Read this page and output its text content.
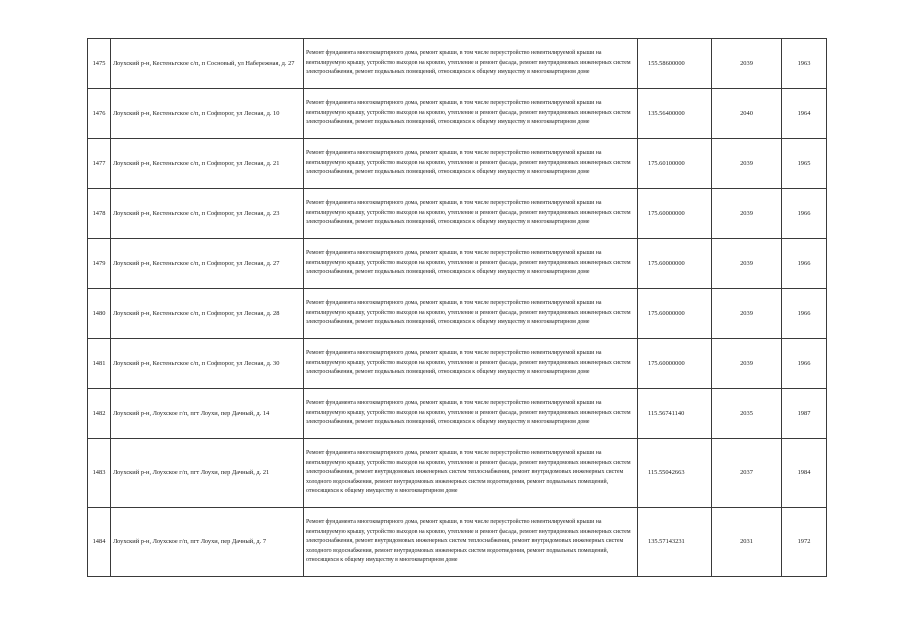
1475	Лоухский р-н, Кестеньгское с/п, п Сосновый, ул Набережная, д. 27	Ремонт фундамента многоквартирного дома, ремонт крыши, в том числе переустройство невентилируемой крыши на вентилируемую крышу, устройство выходов на кровлю, утепление и ремонт фасада, ремонт внутридомовых инженерных систем электроснабжения, ремонт подвальных помещений, относящихся к общему имуществу в многоквартирном доме	155.58600000	2039	1963
1476	Лоухский р-н, Кестеньгское с/п, п Софпорог, ул Лесная, д. 10	Ремонт фундамента многоквартирного дома, ремонт крыши, в том числе переустройство невентилируемой крыши на вентилируемую крышу, устройство выходов на кровлю, утепление и ремонт фасада, ремонт внутридомовых инженерных систем электроснабжения, ремонт подвальных помещений, относящихся к общему имуществу в многоквартирном доме	135.56400000	2040	1964
1477	Лоухский р-н, Кестеньгское с/п, п Софпорог, ул Лесная, д. 21	Ремонт фундамента многоквартирного дома, ремонт крыши, в том числе переустройство невентилируемой крыши на вентилируемую крышу, устройство выходов на кровлю, утепление и ремонт фасада, ремонт внутридомовых инженерных систем электроснабжения, ремонт подвальных помещений, относящихся к общему имуществу в многоквартирном доме	175.60100000	2039	1965
1478	Лоухский р-н, Кестеньгское с/п, п Софпорог, ул Лесная, д. 23	Ремонт фундамента многоквартирного дома, ремонт крыши, в том числе переустройство невентилируемой крыши на вентилируемую крышу, устройство выходов на кровлю, утепление и ремонт фасада, ремонт внутридомовых инженерных систем электроснабжения, ремонт подвальных помещений, относящихся к общему имуществу в многоквартирном доме	175.60000000	2039	1966
1479	Лоухский р-н, Кестеньгское с/п, п Софпорог, ул Лесная, д. 27	Ремонт фундамента многоквартирного дома, ремонт крыши, в том числе переустройство невентилируемой крыши на вентилируемую крышу, устройство выходов на кровлю, утепление и ремонт фасада, ремонт внутридомовых инженерных систем электроснабжения, ремонт подвальных помещений, относящихся к общему имуществу в многоквартирном доме	175.60000000	2039	1966
1480	Лоухский р-н, Кестеньгское с/п, п Софпорог, ул Лесная, д. 28	Ремонт фундамента многоквартирного дома, ремонт крыши, в том числе переустройство невентилируемой крыши на вентилируемую крышу, устройство выходов на кровлю, утепление и ремонт фасада, ремонт внутридомовых инженерных систем электроснабжения, ремонт подвальных помещений, относящихся к общему имуществу в многоквартирном доме	175.60000000	2039	1966
1481	Лоухский р-н, Кестеньгское с/п, п Софпорог, ул Лесная, д. 30	Ремонт фундамента многоквартирного дома, ремонт крыши, в том числе переустройство невентилируемой крыши на вентилируемую крышу, устройство выходов на кровлю, утепление и ремонт фасада, ремонт внутридомовых инженерных систем электроснабжения, ремонт подвальных помещений, относящихся к общему имуществу в многоквартирном доме	175.60000000	2039	1966
1482	Лоухский р-н, Лоухское г/п, пгт Лоухи, пер Дачный, д. 14	Ремонт фундамента многоквартирного дома, ремонт крыши, в том числе переустройство невентилируемой крыши на вентилируемую крышу, устройство выходов на кровлю, утепление и ремонт фасада, ремонт внутридомовых инженерных систем электроснабжения, ремонт подвальных помещений, относящихся к общему имуществу в многоквартирном доме	115.56741140	2035	1987
1483	Лоухский р-н, Лоухское г/п, пгт Лоухи, пер Дачный, д. 21	Ремонт фундамента многоквартирного дома, ремонт крыши, в том числе переустройство невентилируемой крыши на вентилируемую крышу, устройство выходов на кровлю, утепление и ремонт фасада, ремонт внутридомовых инженерных систем электроснабжения, ремонт внутридомовых инженерных систем теплоснабжения, ремонт внутридомовых инженерных систем холодного водоснабжения, ремонт внутридомовых инженерных систем водоотведения, ремонт подвальных помещений, относящихся к общему имуществу в многоквартирном доме	115.55042663	2037	1984
1484	Лоухский р-н, Лоухское г/п, пгт Лоухи, пер Дачный, д. 7	Ремонт фундамента многоквартирного дома, ремонт крыши, в том числе переустройство невентилируемой крыши на вентилируемую крышу, устройство выходов на кровлю, утепление и ремонт фасада, ремонт внутридомовых инженерных систем электроснабжения, ремонт внутридомовых инженерных систем теплоснабжения, ремонт внутридомовых инженерных систем холодного водоснабжения, ремонт внутридомовых инженерных систем водоотведения, ремонт подвальных помещений, относящихся к общему имуществу в многоквартирном доме	135.57143231	2031	1972
